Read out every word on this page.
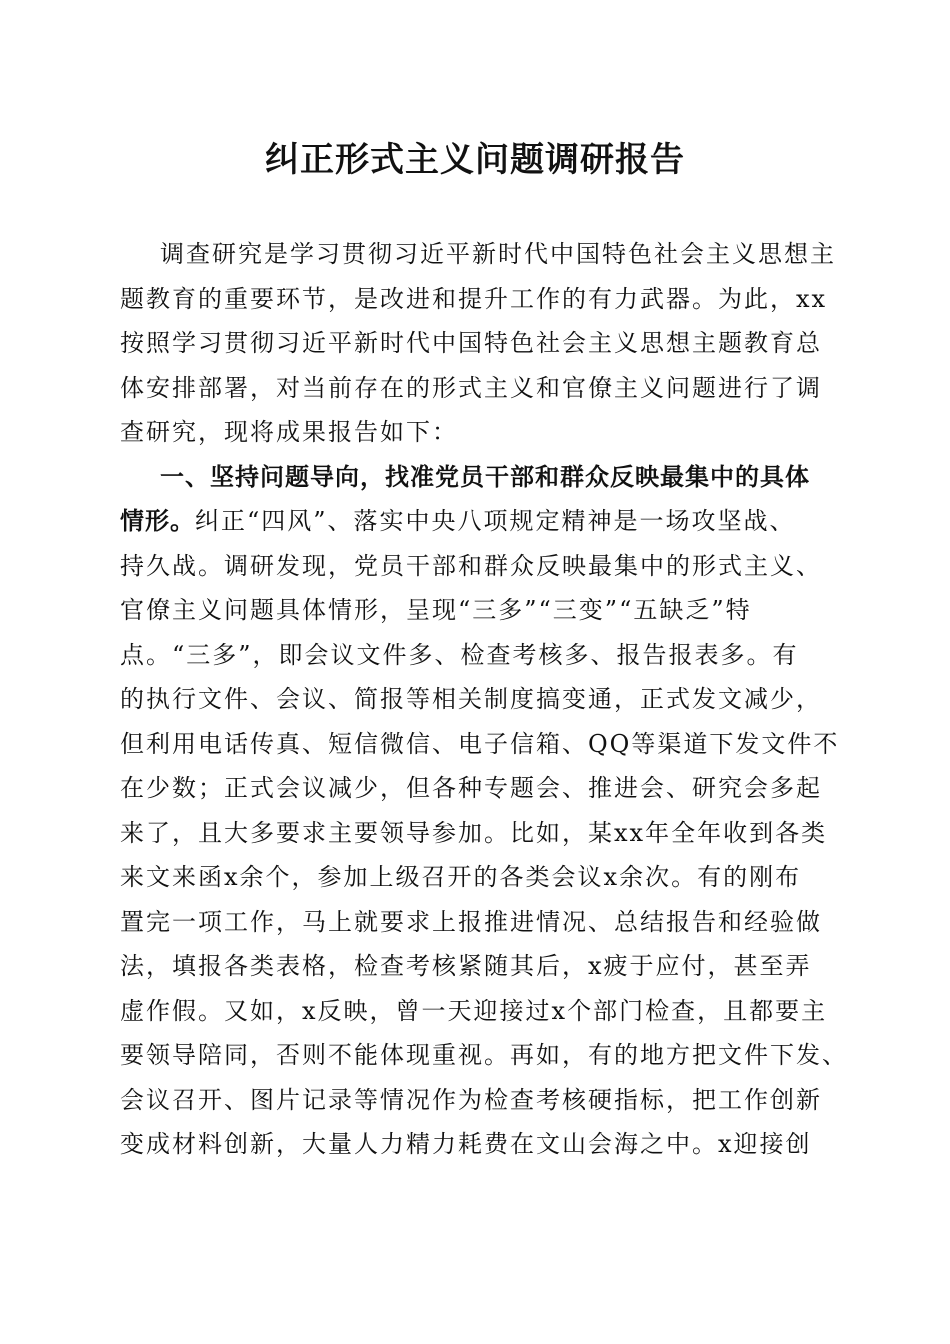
纠正形式主义问题调研报告
调查研究是学习贯彻习近平新时代中国特色社会主义思想主
题教育的重要环节，是改进和提升工作的有力武器。为此，xx
按照学习贯彻习近平新时代中国特色社会主义思想主题教育总
体安排部署，对当前存在的形式主义和官僚主义问题进行了调
查研究，现将成果报告如下：
一、坚持问题导向，找准党员干部和群众反映最集中的具体
情形。纠正“四风”、落实中央八项规定精神是一场攻坚战、
持久战。调研发现，党员干部和群众反映最集中的形式主义、
官僚主义问题具体情形，呈现“三多”“三变”“五缺乏”特
点。“三多”，即会议文件多、检查考核多、报告报表多。有
的执行文件、会议、简报等相关制度搞变通，正式发文减少，
但利用电话传真、短信微信、电子信箱、QQ等渠道下发文件不
在少数；正式会议减少，但各种专题会、推进会、研究会多起
来了，且大多要求主要领导参加。比如，某xx年全年收到各类
来文来函x余个，参加上级召开的各类会议x余次。有的刚布
置完一项工作，马上就要求上报推进情况、总结报告和经验做
法，填报各类表格，检查考核紧随其后，x疲于应付，甚至弄
虚作假。又如，x反映，曾一天迎接过x个部门检查，且都要主
要领导陪同，否则不能体现重视。再如，有的地方把文件下发、
会议召开、图片记录等情况作为检查考核硬指标，把工作创新
变成材料创新，大量人力精力耗费在文山会海之中。x迎接创
